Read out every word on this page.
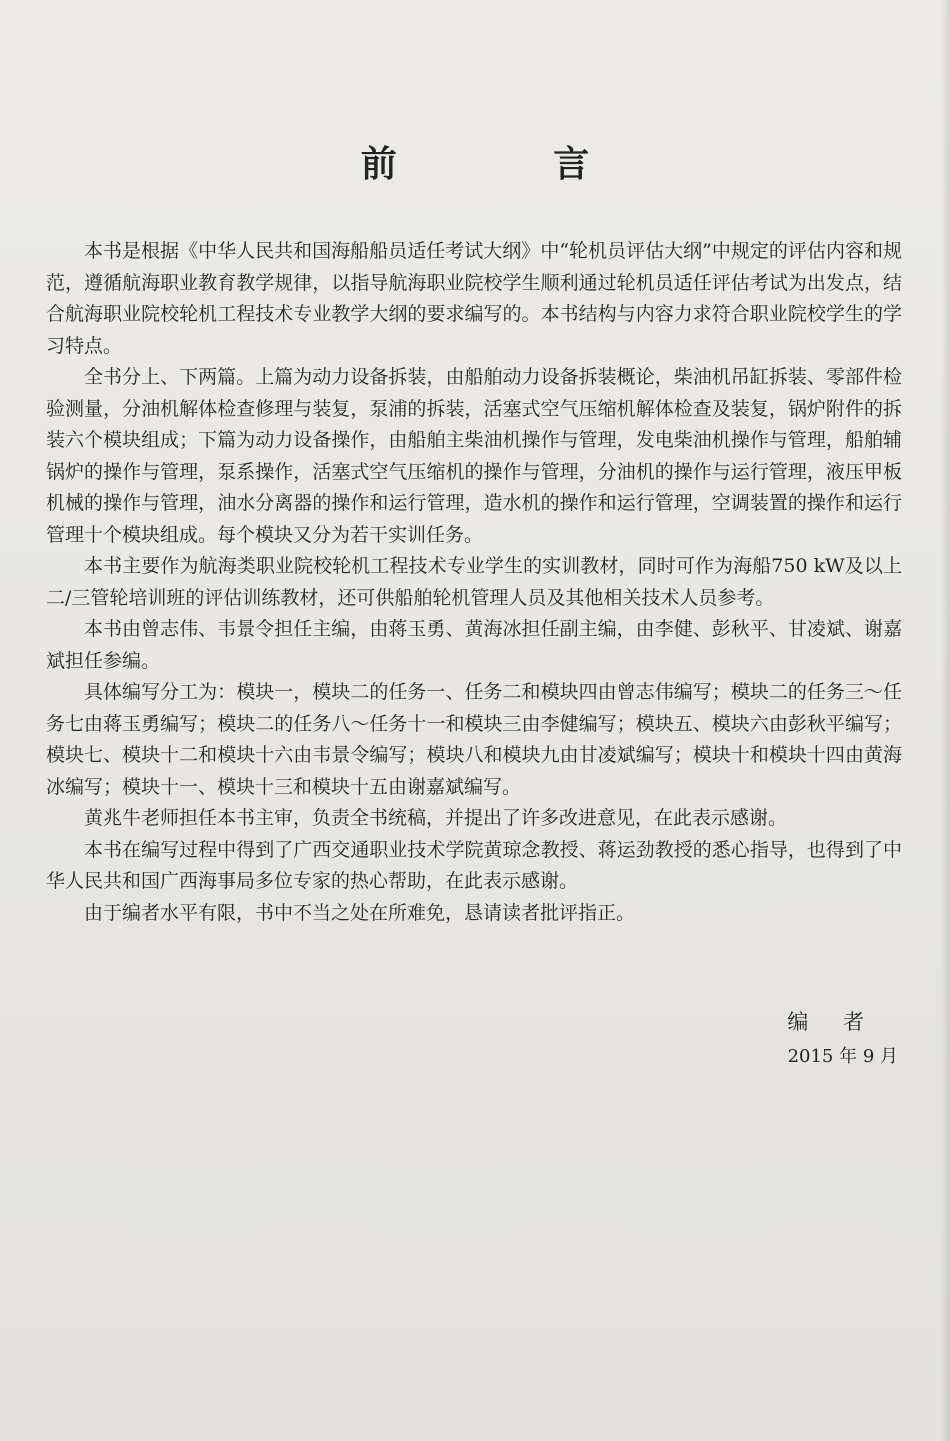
前 言

本书是根据《中华人民共和国海船船员适任考试大纲》中“轮机员评估大纲”中规定的评估内容和规范，遵循航海职业教育教学规律，以指导航海职业院校学生顺利通过轮机员适任评估考试为出发点，结合航海职业院校轮机工程技术专业教学大纲的要求编写的。本书结构与内容力求符合职业院校学生的学习特点。

全书分上、下两篇。上篇为动力设备拆装，由船舶动力设备拆装概论，柴油机吊缸拆装、零部件检验测量，分油机解体检查修理与装复，泵浦的拆装，活塞式空气压缩机解体检查及装复，锅炉附件的拆装六个模块组成；下篇为动力设备操作，由船舶主柴油机操作与管理，发电柴油机操作与管理，船舶辅锅炉的操作与管理，泵系操作，活塞式空气压缩机的操作与管理，分油机的操作与运行管理，液压甲板机械的操作与管理，油水分离器的操作和运行管理，造水机的操作和运行管理，空调装置的操作和运行管理十个模块组成。每个模块又分为若干实训任务。

本书主要作为航海类职业院校轮机工程技术专业学生的实训教材，同时可作为海船750 kW及以上二/三管轮培训班的评估训练教材，还可供船舶轮机管理人员及其他相关技术人员参考。

本书由曾志伟、韦景令担任主编，由蒋玉勇、黄海冰担任副主编，由李健、彭秋平、甘凌斌、谢嘉斌担任参编。

具体编写分工为：模块一，模块二的任务一、任务二和模块四由曾志伟编写；模块二的任务三～任务七由蒋玉勇编写；模块二的任务八～任务十一和模块三由李健编写；模块五、模块六由彭秋平编写；模块七、模块十二和模块十六由韦景令编写；模块八和模块九由甘凌斌编写；模块十和模块十四由黄海冰编写；模块十一、模块十三和模块十五由谢嘉斌编写。

黄兆牛老师担任本书主审，负责全书统稿，并提出了许多改进意见，在此表示感谢。

本书在编写过程中得到了广西交通职业技术学院黄琼念教授、蒋运劲教授的悉心指导，也得到了中华人民共和国广西海事局多位专家的热心帮助，在此表示感谢。

由于编者水平有限，书中不当之处在所难免，恳请读者批评指正。

编 者
2015 年 9 月
